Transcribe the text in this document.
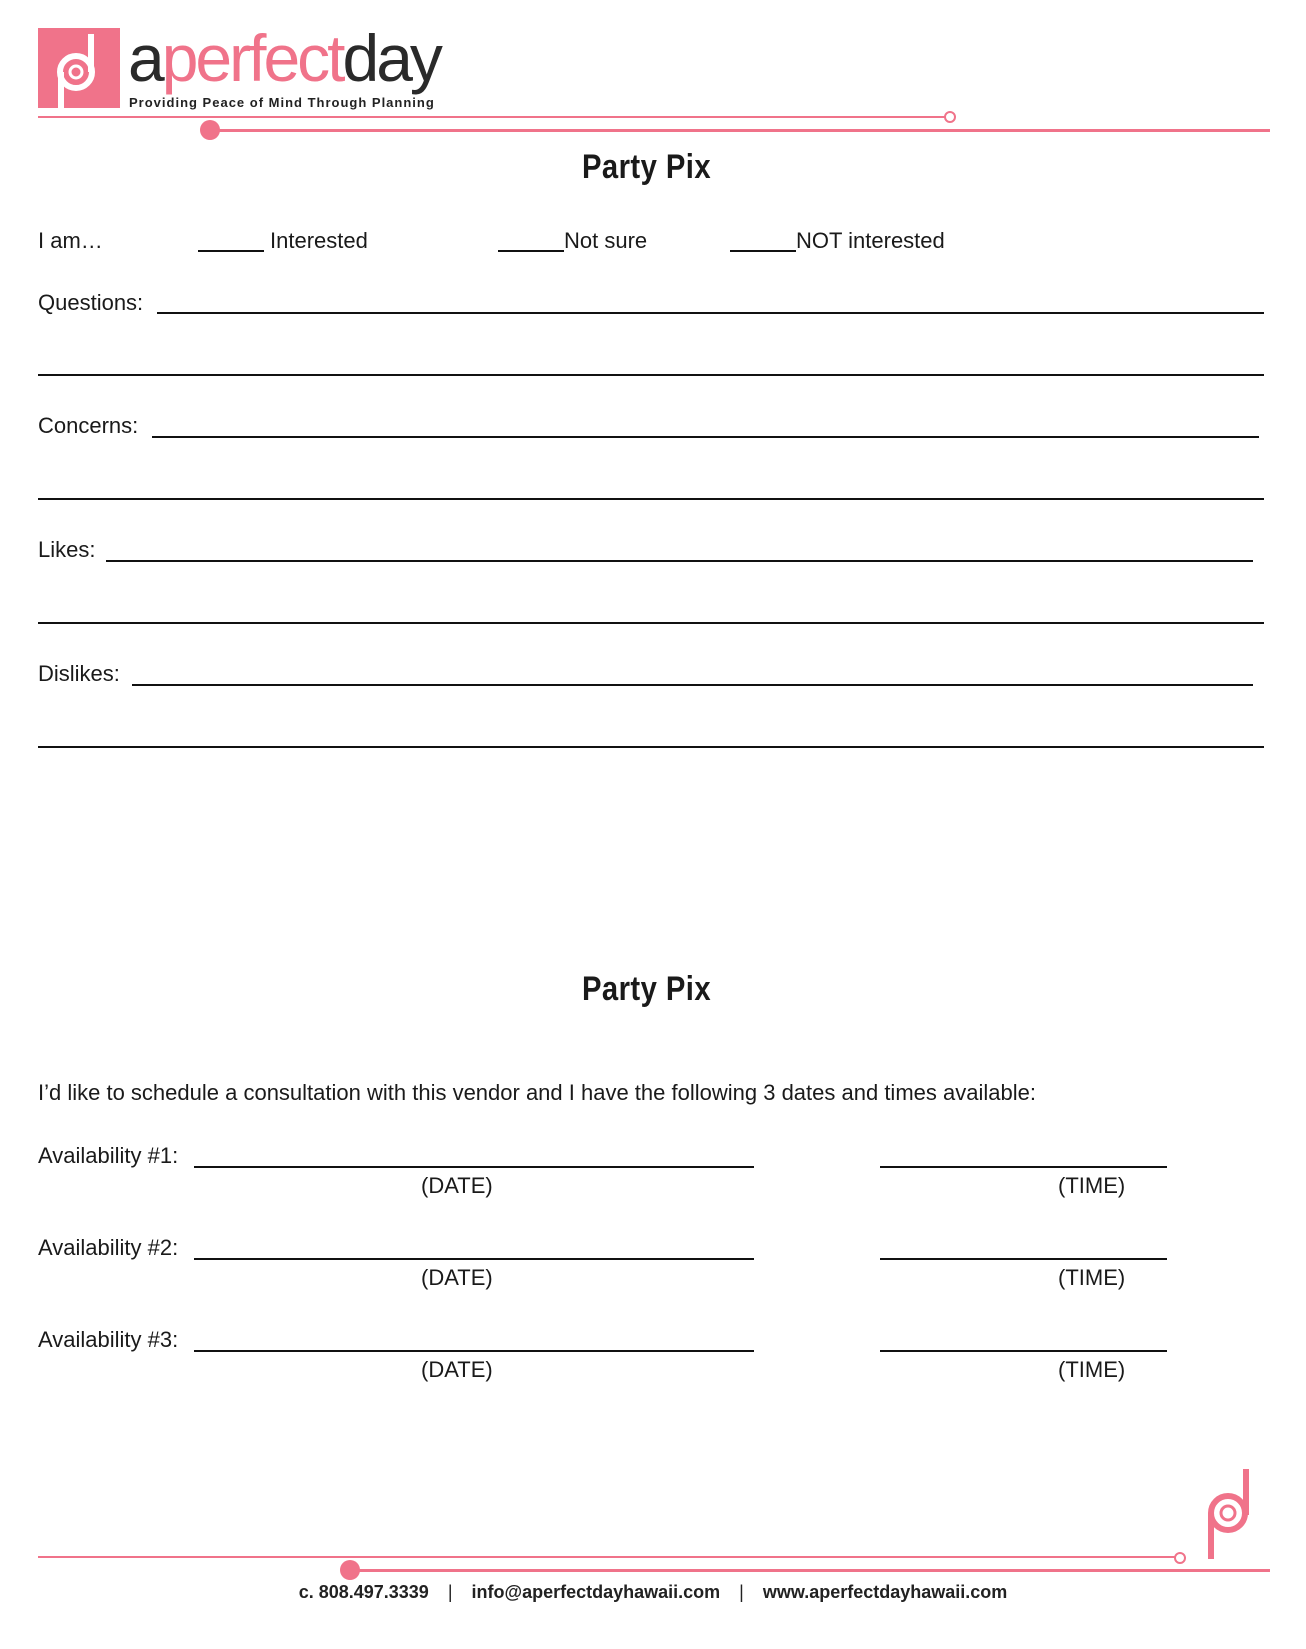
aperfectday
Providing Peace of Mind Through Planning
Party Pix
I am…	Interested	Not sure	NOT interested
Questions:
Concerns:
Likes:
Dislikes:
Party Pix
I’d like to schedule a consultation with this vendor and I have the following 3 dates and times available:
Availability #1:
(DATE)	(TIME)
Availability #2:
(DATE)	(TIME)
Availability #3:
(DATE)	(TIME)
c. 808.497.3339 | info@aperfectdayhawaii.com | www.aperfectdayhawaii.com
